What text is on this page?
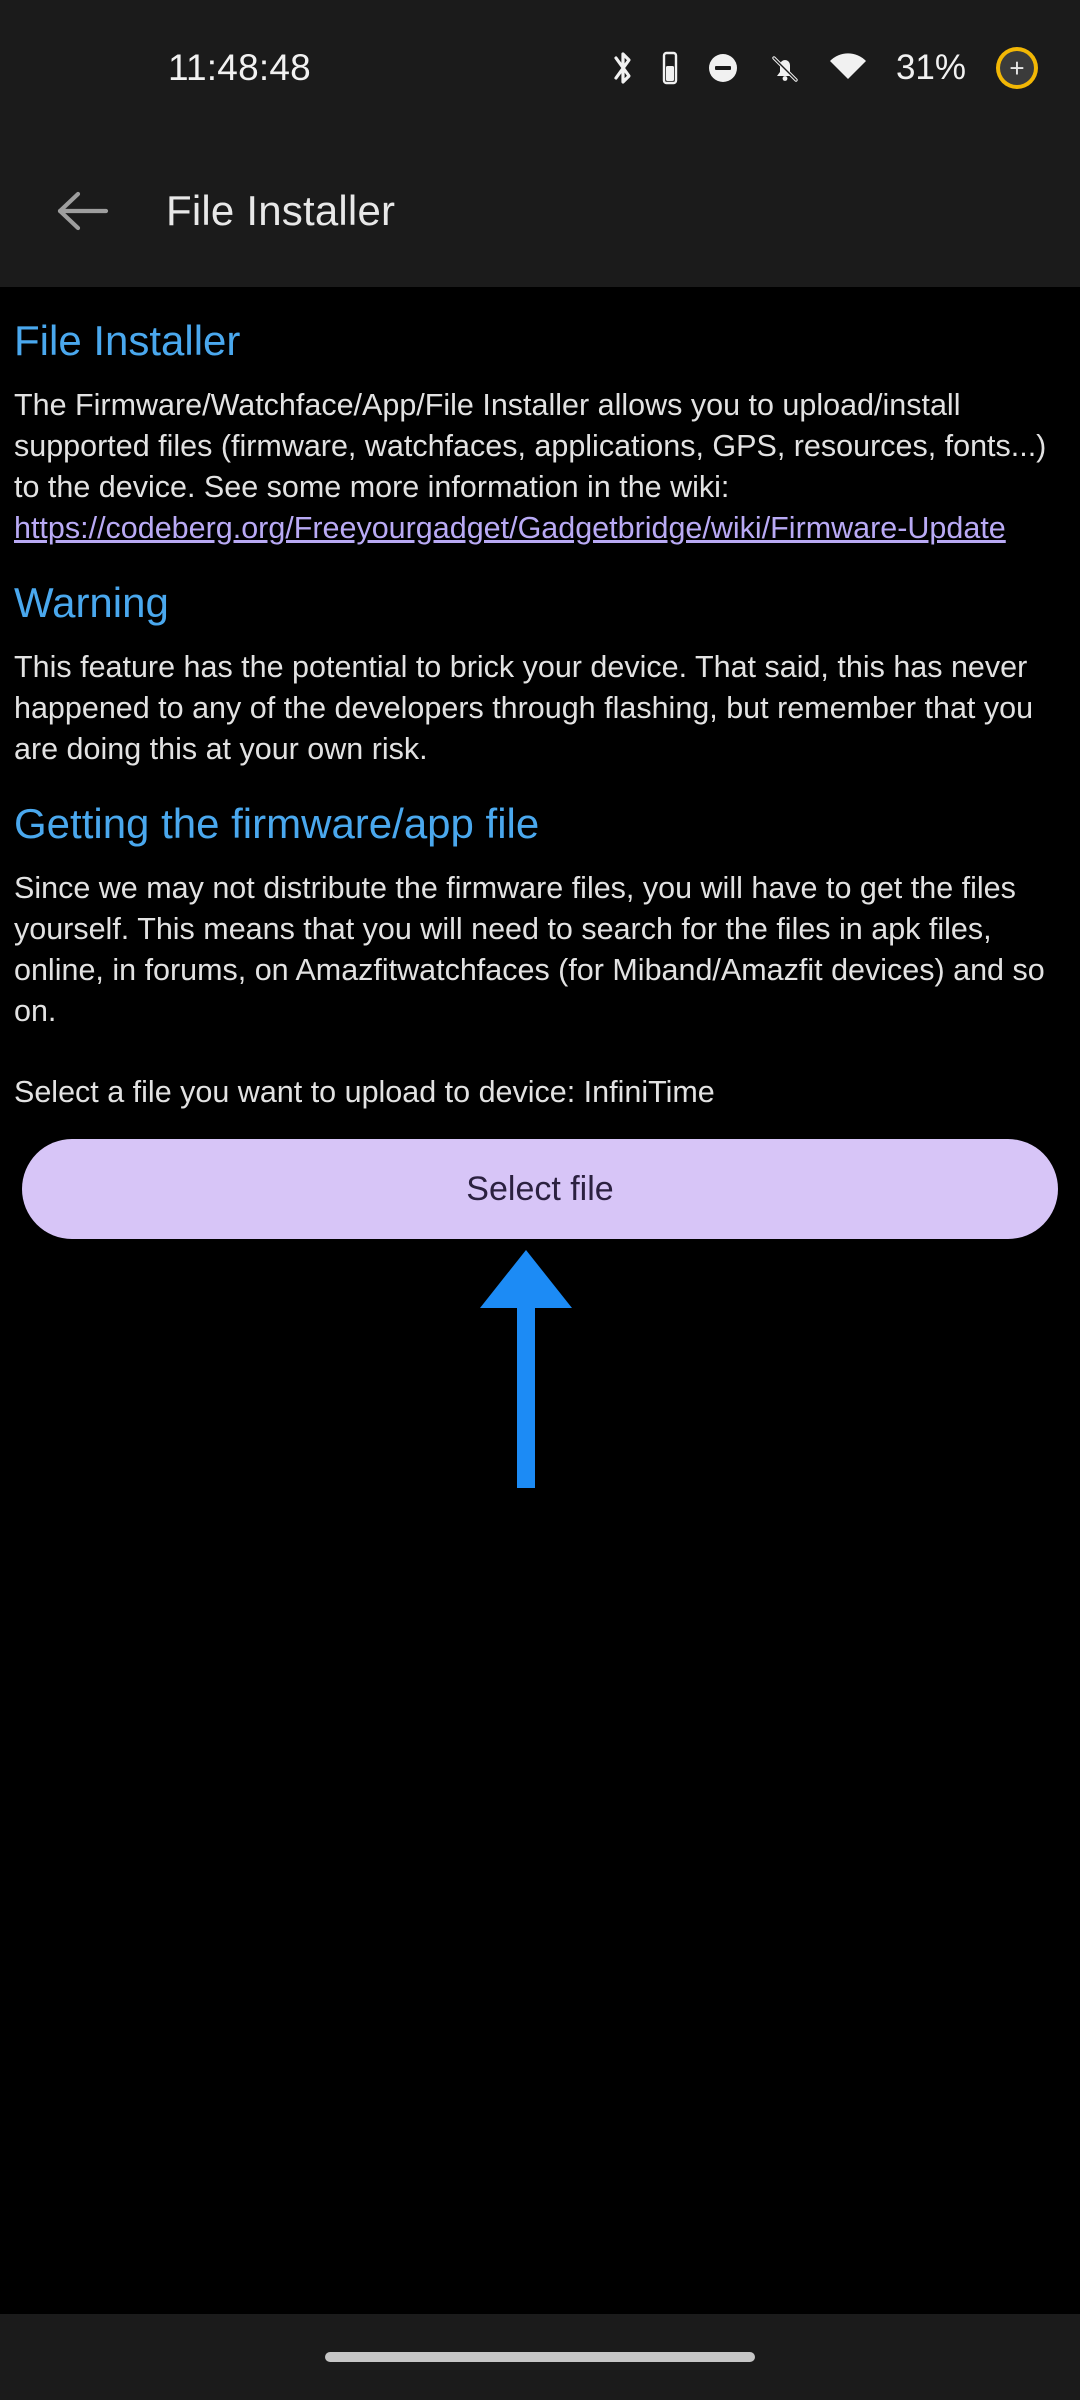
11:48:48	31%	+
File Installer
File Installer

The Firmware/Watchface/App/File Installer allows you to upload/install supported files (firmware, watchfaces, applications, GPS, resources, fonts...) to the device. See some more information in the wiki:

https://codeberg.org/Freeyourgadget/Gadgetbridge/wiki/Firmware-Update
Warning

This feature has the potential to brick your device. That said, this has never happened to any of the developers through flashing, but remember that you are doing this at your own risk.

Getting the firmware/app file

Since we may not distribute the firmware files, you will have to get the files yourself. This means that you will need to search for the files in apk files, online, in forums, on Amazfitwatchfaces (for Miband/Amazfit devices) and so on.

Select a file you want to upload to device: InfiniTime
Select file
